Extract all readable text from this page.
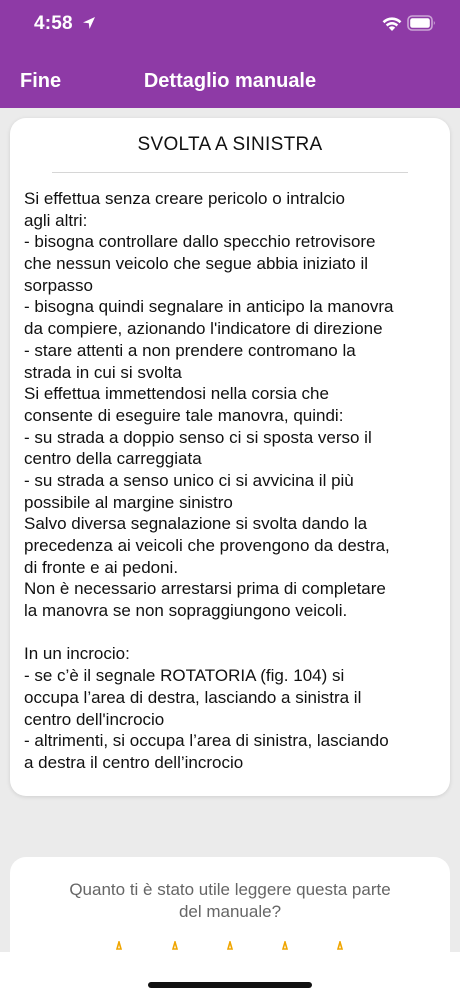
4:58
Fine	Dettaglio manuale
SVOLTA A SINISTRA
Si effettua senza creare pericolo o intralcio
agli altri:
- bisogna controllare dallo specchio retrovisore
che nessun veicolo che segue abbia iniziato il
sorpasso
- bisogna quindi segnalare in anticipo la manovra
da compiere, azionando l'indicatore di direzione
- stare attenti a non prendere contromano la
strada in cui si svolta
Si effettua immettendosi nella corsia che
consente di eseguire tale manovra, quindi:
- su strada a doppio senso ci si sposta verso il
centro della carreggiata
- su strada a senso unico ci si avvicina il più
possibile al margine sinistro
Salvo diversa segnalazione si svolta dando la
precedenza ai veicoli che provengono da destra,
di fronte e ai pedoni.
Non è necessario arrestarsi prima di completare
la manovra se non sopraggiungono veicoli.
In un incrocio:
- se c’è il segnale ROTATORIA (fig. 104) si
occupa l’area di destra, lasciando a sinistra il
centro dell'incrocio
- altrimenti, si occupa l’area di sinistra, lasciando
a destra il centro dell’incrocio
Quanto ti è stato utile leggere questa parte
del manuale?
